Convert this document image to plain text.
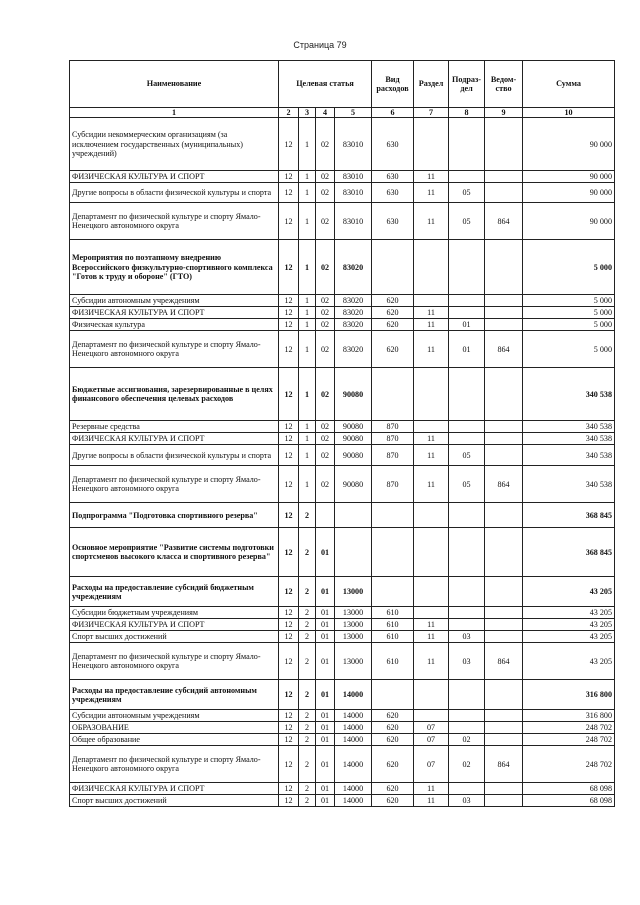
Страница 79
Наименование	Целевая статья				Вид расходов	Раздел	Подраз- дел	Ведом- ство	Сумма
1	2	3	4	5	6	7	8	9	10
Субсидии некоммерческим организациям (за исключением государственных (муниципальных) учреждений)	12	1	02	83010	630				90 000
ФИЗИЧЕСКАЯ КУЛЬТУРА И СПОРТ	12	1	02	83010	630	11			90 000
Другие вопросы в области физической культуры и спорта	12	1	02	83010	630	11	05		90 000
Департамент по физической культуре и спорту Ямало-Ненецкого автономного округа	12	1	02	83010	630	11	05	864	90 000
Мероприятия по поэтапному внедрению Всероссийского физкультурно-спортивного комплекса "Готов к труду и обороне" (ГТО)	12	1	02	83020					5 000
Субсидии автономным учреждениям	12	1	02	83020	620				5 000
ФИЗИЧЕСКАЯ КУЛЬТУРА И СПОРТ	12	1	02	83020	620	11			5 000
Физическая культура	12	1	02	83020	620	11	01		5 000
Департамент по физической культуре и спорту Ямало-Ненецкого автономного округа	12	1	02	83020	620	11	01	864	5 000
Бюджетные ассигнования, зарезервированные в целях финансового обеспечения целевых расходов	12	1	02	90080					340 538
Резервные средства	12	1	02	90080	870				340 538
ФИЗИЧЕСКАЯ КУЛЬТУРА И СПОРТ	12	1	02	90080	870	11			340 538
Другие вопросы в области физической культуры и спорта	12	1	02	90080	870	11	05		340 538
Департамент по физической культуре и спорту Ямало-Ненецкого автономного округа	12	1	02	90080	870	11	05	864	340 538
Подпрограмма "Подготовка спортивного резерва"	12	2							368 845
Основное мероприятие "Развитие системы подготовки спортсменов высокого класса и спортивного резерва"	12	2	01						368 845
Расходы на предоставление субсидий бюджетным учреждениям	12	2	01	13000					43 205
Субсидии бюджетным учреждениям	12	2	01	13000	610				43 205
ФИЗИЧЕСКАЯ КУЛЬТУРА И СПОРТ	12	2	01	13000	610	11			43 205
Спорт высших достижений	12	2	01	13000	610	11	03		43 205
Департамент по физической культуре и спорту Ямало-Ненецкого автономного округа	12	2	01	13000	610	11	03	864	43 205
Расходы на предоставление субсидий автономным учреждениям	12	2	01	14000					316 800
Субсидии автономным учреждениям	12	2	01	14000	620				316 800
ОБРАЗОВАНИЕ	12	2	01	14000	620	07			248 702
Общее образование	12	2	01	14000	620	07	02		248 702
Департамент по физической культуре и спорту Ямало-Ненецкого автономного округа	12	2	01	14000	620	07	02	864	248 702
ФИЗИЧЕСКАЯ КУЛЬТУРА И СПОРТ	12	2	01	14000	620	11			68 098
Спорт высших достижений	12	2	01	14000	620	11	03		68 098
